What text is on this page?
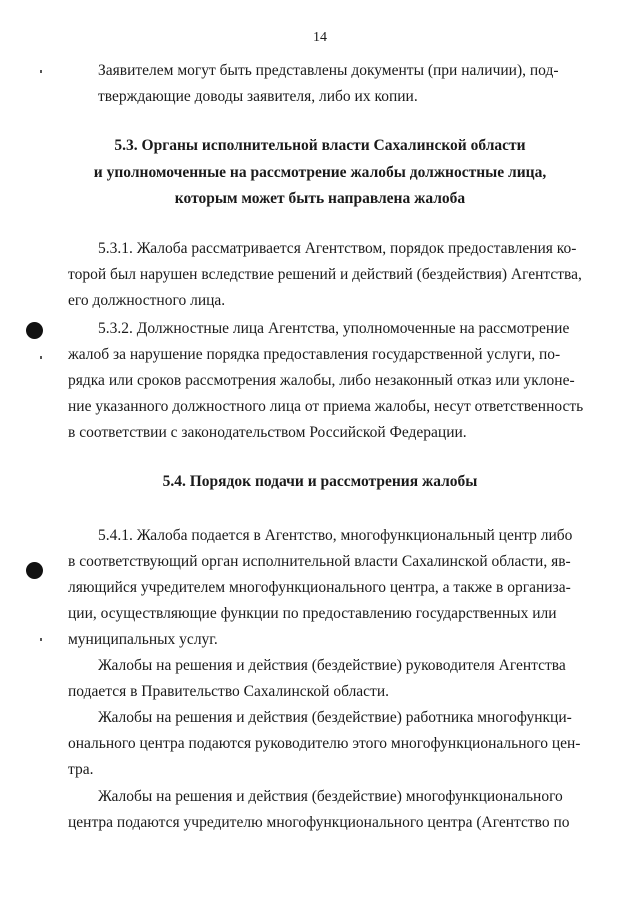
14
Заявителем могут быть представлены документы (при наличии), под-
тверждающие доводы заявителя, либо их копии.
5.3. Органы исполнительной власти Сахалинской области
и уполномоченные на рассмотрение жалобы должностные лица,
которым может быть направлена жалоба
5.3.1. Жалоба рассматривается Агентством, порядок предоставления ко-
торой был нарушен вследствие решений и действий (бездействия) Агентства,
его должностного лица.
5.3.2. Должностные лица Агентства, уполномоченные на рассмотрение
жалоб за нарушение порядка предоставления государственной услуги, по-
рядка или сроков рассмотрения жалобы, либо незаконный отказ или уклоне-
ние указанного должностного лица от приема жалобы, несут ответственность
в соответствии с законодательством Российской Федерации.
5.4. Порядок подачи и рассмотрения жалобы
5.4.1. Жалоба подается в Агентство, многофункциональный центр либо
в соответствующий орган исполнительной власти Сахалинской области, яв-
ляющийся учредителем многофункционального центра, а также в организа-
ции, осуществляющие функции по предоставлению государственных или
муниципальных услуг.
Жалобы на решения и действия (бездействие) руководителя Агентства
подается в Правительство Сахалинской области.
Жалобы на решения и действия (бездействие) работника многофункци-
онального центра подаются руководителю этого многофункционального цен-
тра.
Жалобы на решения и действия (бездействие) многофункционального
центра подаются учредителю многофункционального центра (Агентство по
